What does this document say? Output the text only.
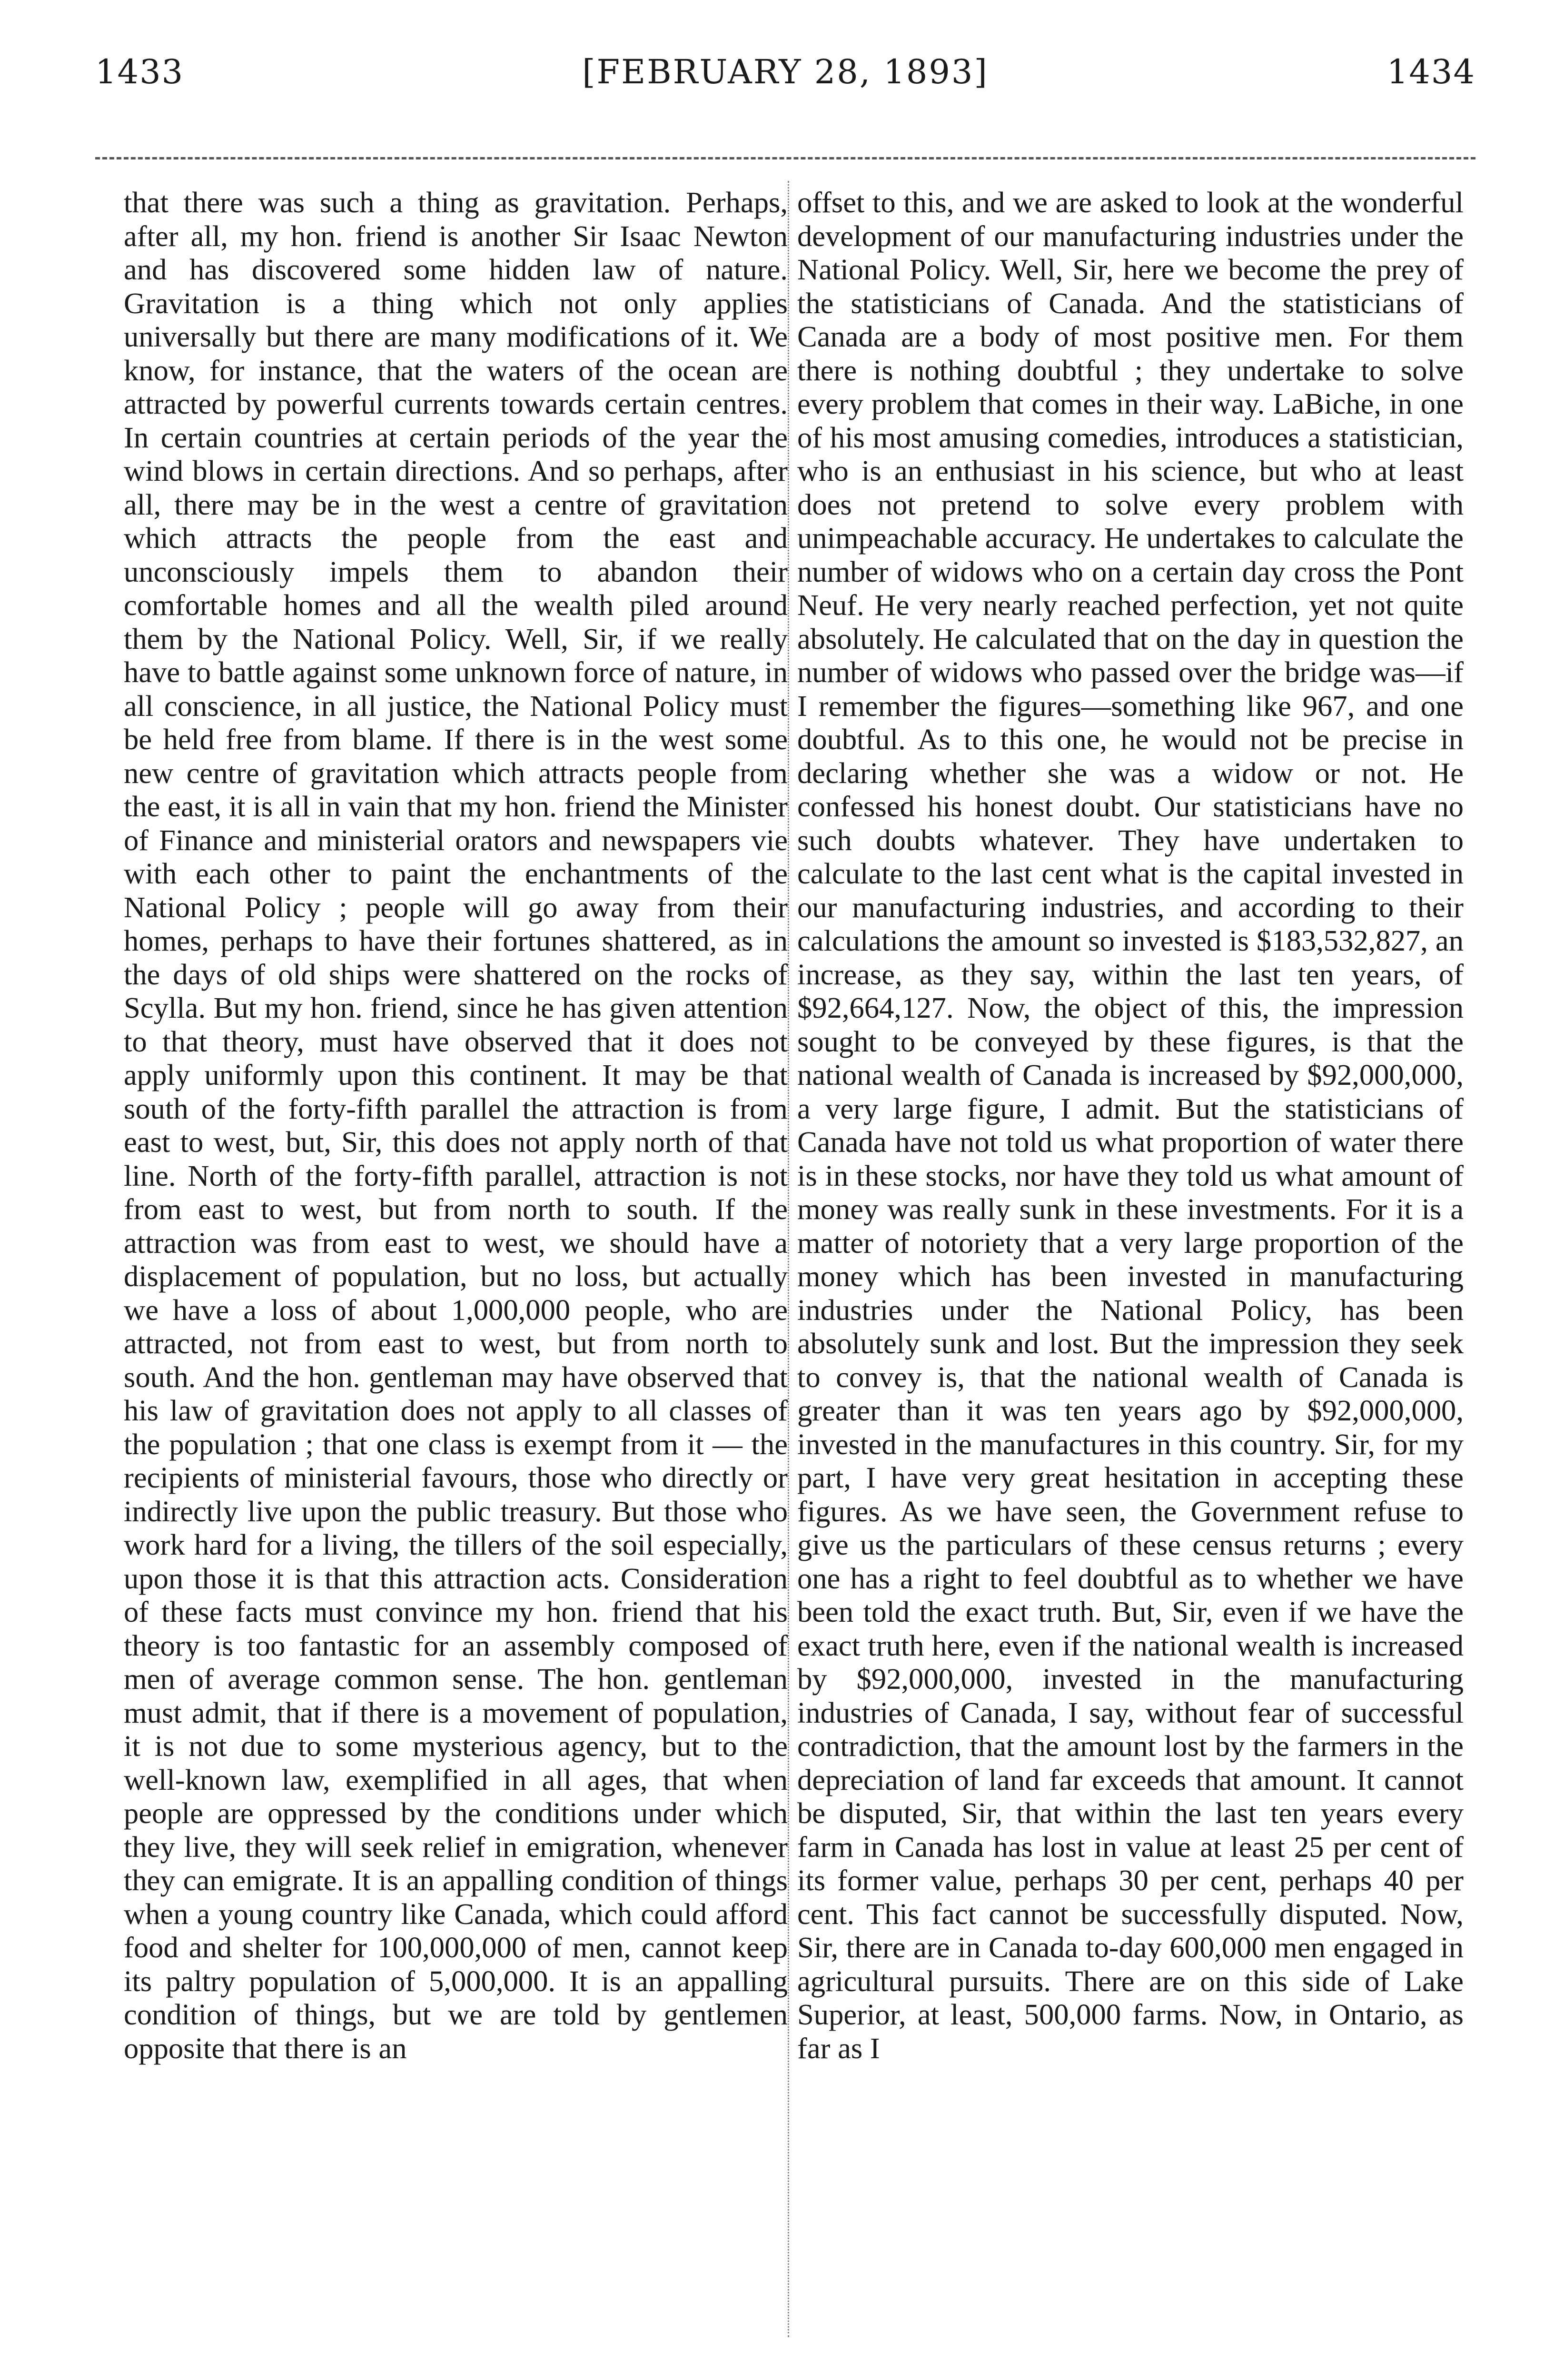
1433	[FEBRUARY 28, 1893]	1434

that there was such a thing as gravitation. Perhaps, after all, my hon. friend is another Sir Isaac Newton and has discovered some hidden law of nature. Gravitation is a thing which not only applies universally but there are many modifications of it. We know, for instance, that the waters of the ocean are attracted by powerful currents towards certain centres. In certain countries at certain periods of the year the wind blows in certain directions. And so perhaps, after all, there may be in the west a centre of gravitation which attracts the people from the east and unconsciously impels them to abandon their comfortable homes and all the wealth piled around them by the National Policy. Well, Sir, if we really have to battle against some unknown force of nature, in all conscience, in all justice, the National Policy must be held free from blame. If there is in the west some new centre of gravitation which attracts people from the east, it is all in vain that my hon. friend the Minister of Finance and ministerial orators and newspapers vie with each other to paint the enchantments of the National Policy ; people will go away from their homes, perhaps to have their fortunes shattered, as in the days of old ships were shattered on the rocks of Scylla. But my hon. friend, since he has given attention to that theory, must have observed that it does not apply uniformly upon this continent. It may be that south of the forty-fifth parallel the attraction is from east to west, but, Sir, this does not apply north of that line. North of the forty-fifth parallel, attraction is not from east to west, but from north to south. If the attraction was from east to west, we should have a displacement of population, but no loss, but actually we have a loss of about 1,000,000 people, who are attracted, not from east to west, but from north to south. And the hon. gentleman may have observed that his law of gravitation does not apply to all classes of the population ; that one class is exempt from it — the recipients of ministerial favours, those who directly or indirectly live upon the public treasury. But those who work hard for a living, the tillers of the soil especially, upon those it is that this attraction acts. Consideration of these facts must convince my hon. friend that his theory is too fantastic for an assembly composed of men of average common sense. The hon. gentleman must admit, that if there is a movement of population, it is not due to some mysterious agency, but to the well-known law, exemplified in all ages, that when people are oppressed by the conditions under which they live, they will seek relief in emigration, whenever they can emigrate. It is an appalling condition of things when a young country like Canada, which could afford food and shelter for 100,000,000 of men, cannot keep its paltry population of 5,000,000. It is an appalling condition of things, but we are told by gentlemen opposite that there is an

offset to this, and we are asked to look at the wonderful development of our manufacturing industries under the National Policy. Well, Sir, here we become the prey of the statisticians of Canada. And the statisticians of Canada are a body of most positive men. For them there is nothing doubtful ; they undertake to solve every problem that comes in their way. LaBiche, in one of his most amusing comedies, introduces a statistician, who is an enthusiast in his science, but who at least does not pretend to solve every problem with unimpeachable accuracy. He undertakes to calculate the number of widows who on a certain day cross the Pont Neuf. He very nearly reached perfection, yet not quite absolutely. He calculated that on the day in question the number of widows who passed over the bridge was—if I remember the figures—something like 967, and one doubtful. As to this one, he would not be precise in declaring whether she was a widow or not. He confessed his honest doubt. Our statisticians have no such doubts whatever. They have undertaken to calculate to the last cent what is the capital invested in our manufacturing industries, and according to their calculations the amount so invested is $183,532,827, an increase, as they say, within the last ten years, of $92,664,127. Now, the object of this, the impression sought to be conveyed by these figures, is that the national wealth of Canada is increased by $92,000,000, a very large figure, I admit. But the statisticians of Canada have not told us what proportion of water there is in these stocks, nor have they told us what amount of money was really sunk in these investments. For it is a matter of notoriety that a very large proportion of the money which has been invested in manufacturing industries under the National Policy, has been absolutely sunk and lost. But the impression they seek to convey is, that the national wealth of Canada is greater than it was ten years ago by $92,000,000, invested in the manufactures in this country. Sir, for my part, I have very great hesitation in accepting these figures. As we have seen, the Government refuse to give us the particulars of these census returns ; every one has a right to feel doubtful as to whether we have been told the exact truth. But, Sir, even if we have the exact truth here, even if the national wealth is increased by $92,000,000, invested in the manufacturing industries of Canada, I say, without fear of successful contradiction, that the amount lost by the farmers in the depreciation of land far exceeds that amount. It cannot be disputed, Sir, that within the last ten years every farm in Canada has lost in value at least 25 per cent of its former value, perhaps 30 per cent, perhaps 40 per cent. This fact cannot be successfully disputed. Now, Sir, there are in Canada to-day 600,000 men engaged in agricultural pursuits. There are on this side of Lake Superior, at least, 500,000 farms. Now, in Ontario, as far as I
